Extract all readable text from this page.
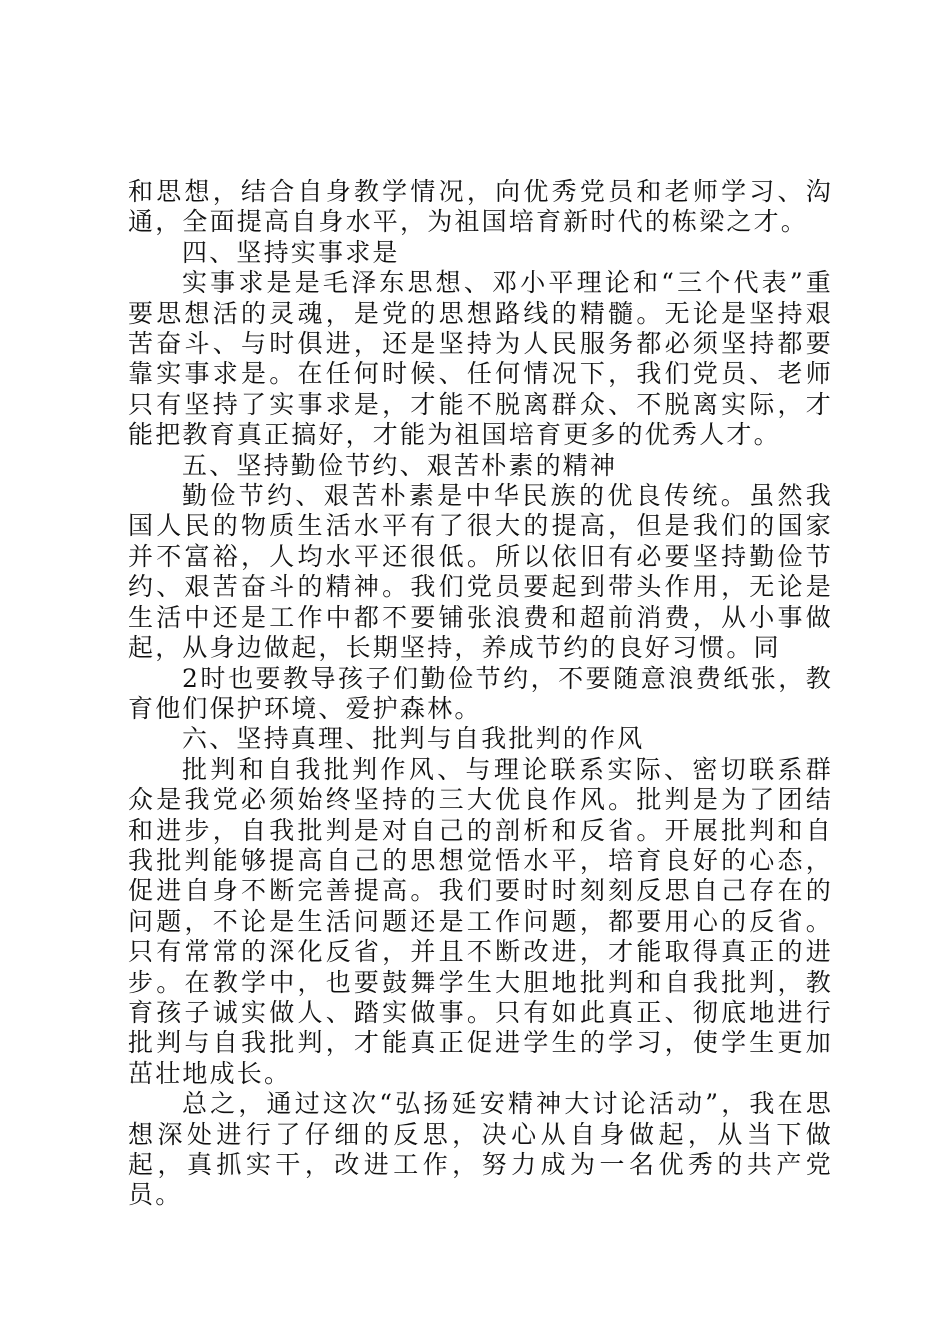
和思想，结合自身教学情况，向优秀党员和老师学习、沟通，全面提高自身水平，为祖国培育新时代的栋梁之才。

四、坚持实事求是

实事求是是毛泽东思想、邓小平理论和“三个代表”重要思想活的灵魂，是党的思想路线的精髓。无论是坚持艰苦奋斗、与时俱进，还是坚持为人民服务都必须坚持都要靠实事求是。在任何时候、任何情况下，我们党员、老师只有坚持了实事求是，才能不脱离群众、不脱离实际，才能把教育真正搞好，才能为祖国培育更多的优秀人才。

五、坚持勤俭节约、艰苦朴素的精神

勤俭节约、艰苦朴素是中华民族的优良传统。虽然我国人民的物质生活水平有了很大的提高，但是我们的国家并不富裕，人均水平还很低。所以依旧有必要坚持勤俭节约、艰苦奋斗的精神。我们党员要起到带头作用，无论是生活中还是工作中都不要铺张浪费和超前消费，从小事做起，从身边做起，长期坚持，养成节约的良好习惯。同

2时也要教导孩子们勤俭节约，不要随意浪费纸张，教育他们保护环境、爱护森林。

六、坚持真理、批判与自我批判的作风

批判和自我批判作风、与理论联系实际、密切联系群众是我党必须始终坚持的三大优良作风。批判是为了团结和进步，自我批判是对自己的剖析和反省。开展批判和自我批判能够提高自己的思想觉悟水平，培育良好的心态，促进自身不断完善提高。我们要时时刻刻反思自己存在的问题，不论是生活问题还是工作问题，都要用心的反省。只有常常的深化反省，并且不断改进，才能取得真正的进步。在教学中，也要鼓舞学生大胆地批判和自我批判，教育孩子诚实做人、踏实做事。只有如此真正、彻底地进行批判与自我批判，才能真正促进学生的学习，使学生更加茁壮地成长。

总之，通过这次“弘扬延安精神大讨论活动”，我在思想深处进行了仔细的反思，决心从自身做起，从当下做起，真抓实干，改进工作，努力成为一名优秀的共产党员。
